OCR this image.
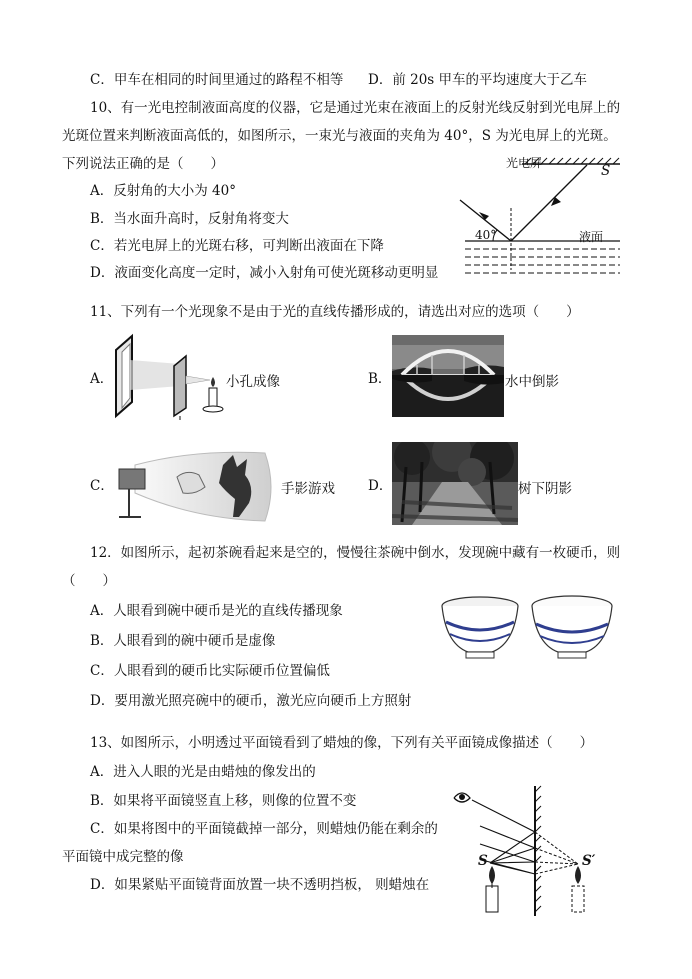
C．甲车在相同的时间里通过的路程不相等 D．前 20s 甲车的平均速度大于乙车
10、有一光电控制液面高度的仪器，它是通过光束在液面上的反射光线反射到光电屏上的
光斑位置来判断液面高低的，如图所示，一束光与液面的夹角为 40°，S 为光电屏上的光斑。
下列说法正确的是（　　）
A．反射角的大小为 40°
B．当水面升高时，反射角将变大
C．若光电屏上的光斑右移，可判断出液面在下降
D．液面变化高度一定时，减小入射角可使光斑移动更明显
光电屏	S
40°	液面
11、下列有一个光现象不是由于光的直线传播形成的，请选出对应的选项（　　）
A．	小孔成像	B．	水中倒影
C．	手影游戏 D．	树下阴影
12．如图所示，起初茶碗看起来是空的，慢慢往茶碗中倒水，发现碗中藏有一枚硬币，则
（　　）
A．人眼看到碗中硬币是光的直线传播现象
B．人眼看到的碗中硬币是虚像
C．人眼看到的硬币比实际硬币位置偏低
D．要用激光照亮碗中的硬币，激光应向硬币上方照射
13、如图所示，小明透过平面镜看到了蜡烛的像，下列有关平面镜成像描述（　　）
A．进入人眼的光是由蜡烛的像发出的
B．如果将平面镜竖直上移，则像的位置不变
C．如果将图中的平面镜截掉一部分，则蜡烛仍能在剩余的
平面镜中成完整的像
D．如果紧贴平面镜背面放置一块不透明挡板， 则蜡烛在
S	S′
